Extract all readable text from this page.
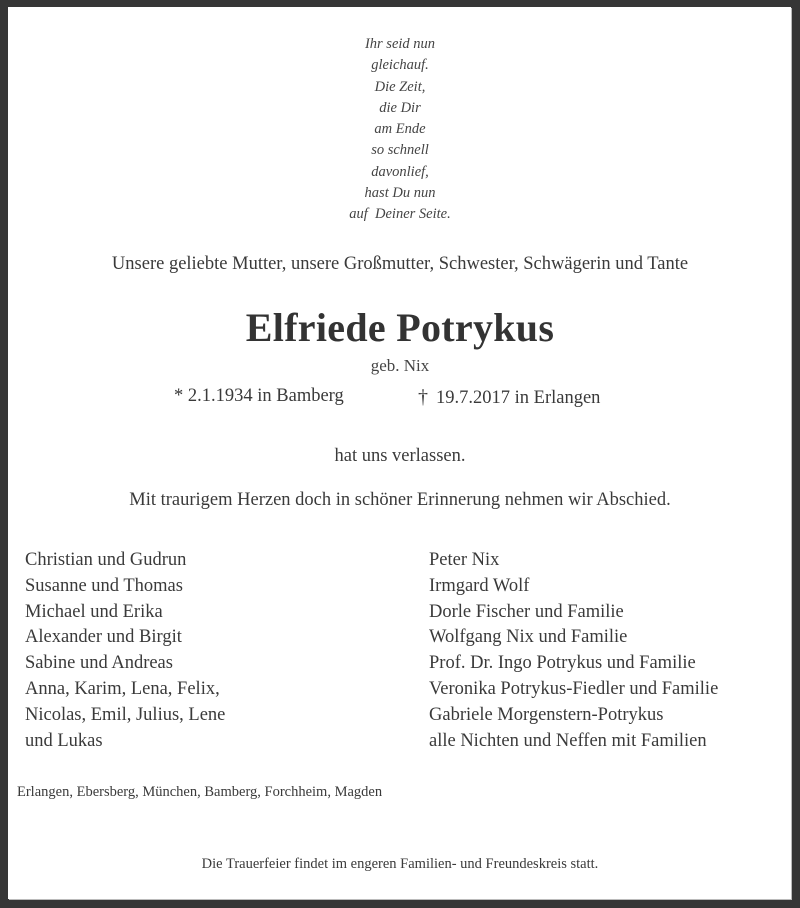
Ihr seid nun
gleichauf.
Die Zeit,
die Dir
am Ende
so schnell
davonlief,
hast Du nun
auf  Deiner Seite.
Unsere geliebte Mutter, unsere Großmutter, Schwester, Schwägerin und Tante
Elfriede Potrykus
geb. Nix
* 2.1.1934 in Bamberg	† 19.7.2017 in Erlangen
hat uns verlassen.
Mit traurigem Herzen doch in schöner Erinnerung nehmen wir Abschied.
Christian und Gudrun
Susanne und Thomas
Michael und Erika
Alexander und Birgit
Sabine und Andreas
Anna, Karim, Lena, Felix,
Nicolas, Emil, Julius, Lene
und Lukas
Peter Nix
Irmgard Wolf
Dorle Fischer und Familie
Wolfgang Nix und Familie
Prof. Dr. Ingo Potrykus und Familie
Veronika Potrykus-Fiedler und Familie
Gabriele Morgenstern-Potrykus
alle Nichten und Neffen mit Familien
Erlangen, Ebersberg, München, Bamberg, Forchheim, Magden
Die Trauerfeier findet im engeren Familien- und Freundeskreis statt.
